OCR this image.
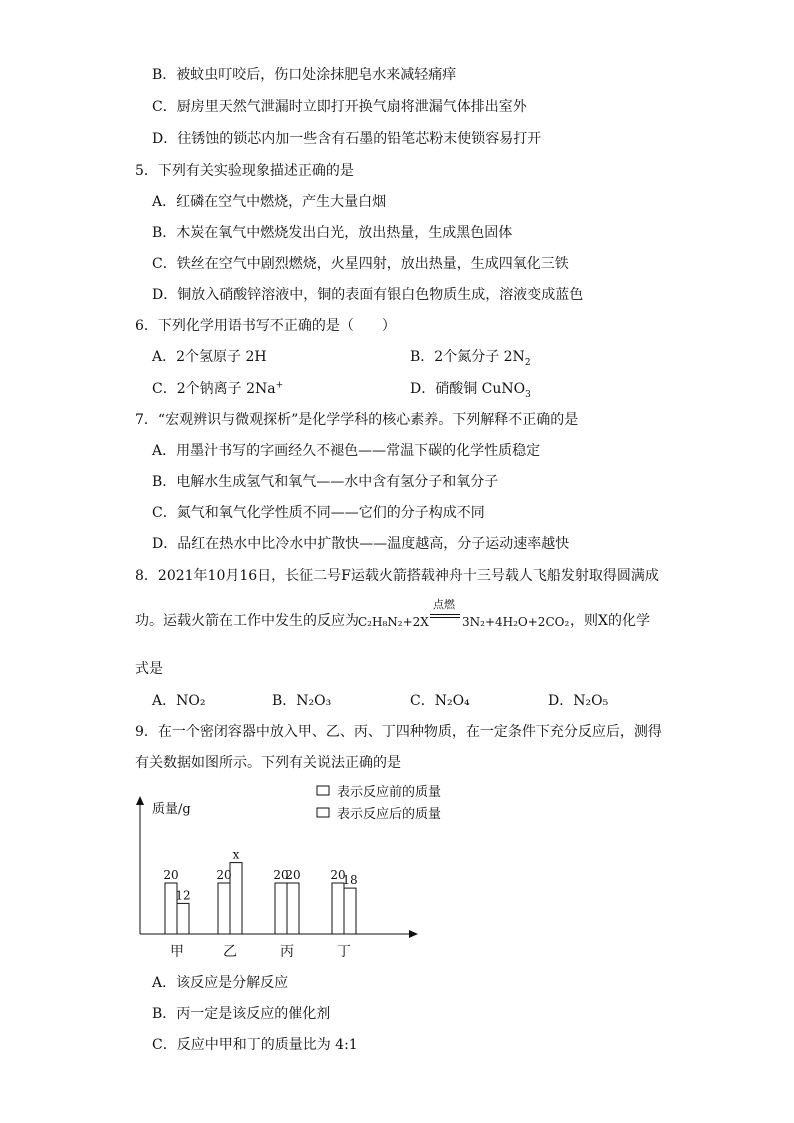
B．被蚊虫叮咬后，伤口处涂抹肥皂水来减轻痛痒
C．厨房里天然气泄漏时立即打开换气扇将泄漏气体排出室外
D．往锈蚀的锁芯内加一些含有石墨的铅笔芯粉末使锁容易打开
5．下列有关实验现象描述正确的是
A．红磷在空气中燃烧，产生大量白烟
B．木炭在氧气中燃烧发出白光，放出热量，生成黑色固体
C．铁丝在空气中剧烈燃烧，火星四射，放出热量，生成四氧化三铁
D．铜放入硝酸锌溶液中，铜的表面有银白色物质生成，溶液变成蓝色
6．下列化学用语书写不正确的是（　　）
A．2个氢原子 2H	B．2个氮分子 $2N_2$
C．2个钠离子 2Na+	D．硝酸铜 CuNO$_3$
7．“宏观辨识与微观探析”是化学学科的核心素养。下列解释不正确的是
A．用墨汁书写的字画经久不褪色——常温下碳的化学性质稳定
B．电解水生成氢气和氧气——水中含有氢分子和氧分子
C．氮气和氧气化学性质不同——它们的分子构成不同
D．品红在热水中比冷水中扩散快——温度越高，分子运动速率越快
8．2021年10月16日，长征二号F运载火箭搭载神舟十三号载人飞船发射取得圆满成
功。运载火箭在工作中发生的反应为 C₂H₈N₂+2X
点燃
3N₂+4H₂O+2CO₂ ，则X的化学
式是
A．NO₂	B．N₂O₃	C．N₂O₄	D．N₂O₅
9．在一个密闭容器中放入甲、乙、丙、丁四种物质，在一定条件下充分反应后，测得
有关数据如图所示。下列有关说法正确的是
质量/g
表示反应前的质量
表示反应后的质量
20
12
甲
20
x
乙
20
20
丙
20
18
丁
A．该反应是分解反应
B．丙一定是该反应的催化剂
C．反应中甲和丁的质量比为 4:1
